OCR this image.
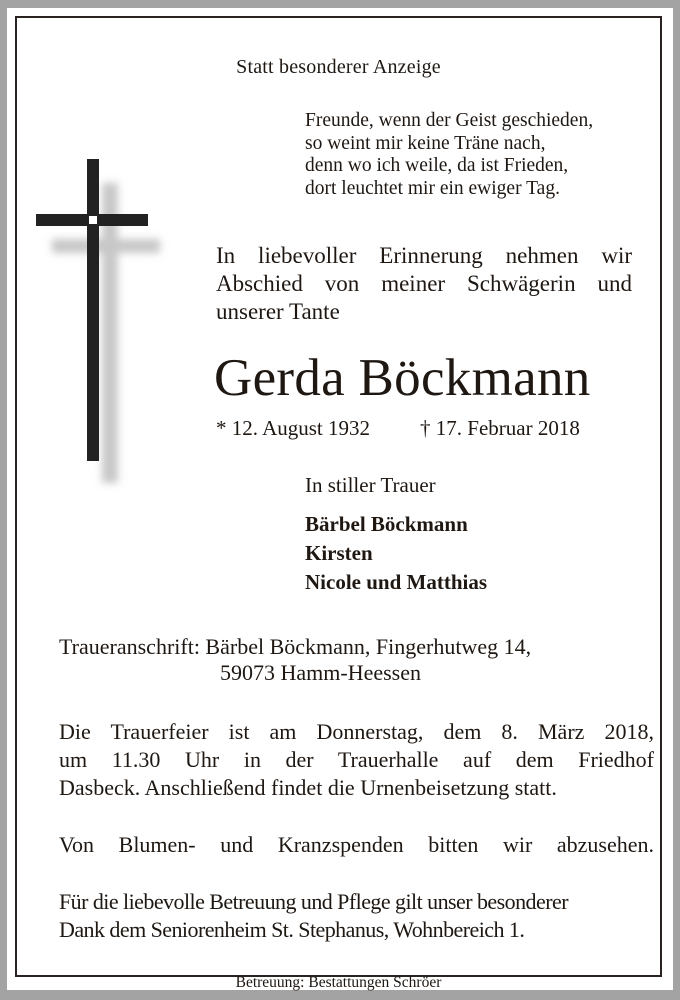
Statt besonderer Anzeige
Freunde, wenn der Geist geschieden,
so weint mir keine Träne nach,
denn wo ich weile, da ist Frieden,
dort leuchtet mir ein ewiger Tag.
In liebevoller Erinnerung nehmen wir
Abschied von meiner Schwägerin und
unserer Tante
Gerda Böckmann
* 12. August 1932 † 17. Februar 2018
In stiller Trauer
Bärbel Böckmann
Kirsten
Nicole und Matthias
Traueranschrift: Bärbel Böckmann, Fingerhutweg 14,
59073 Hamm-Heessen
Die Trauerfeier ist am Donnerstag, dem 8. März 2018,
um 11.30 Uhr in der Trauerhalle auf dem Friedhof
Dasbeck. Anschließend findet die Urnenbeisetzung statt.
Von Blumen- und Kranzspenden bitten wir abzusehen.
Für die liebevolle Betreuung und Pflege gilt unser besonderer
Dank dem Seniorenheim St. Stephanus, Wohnbereich 1.
Betreuung: Bestattungen Schröer
